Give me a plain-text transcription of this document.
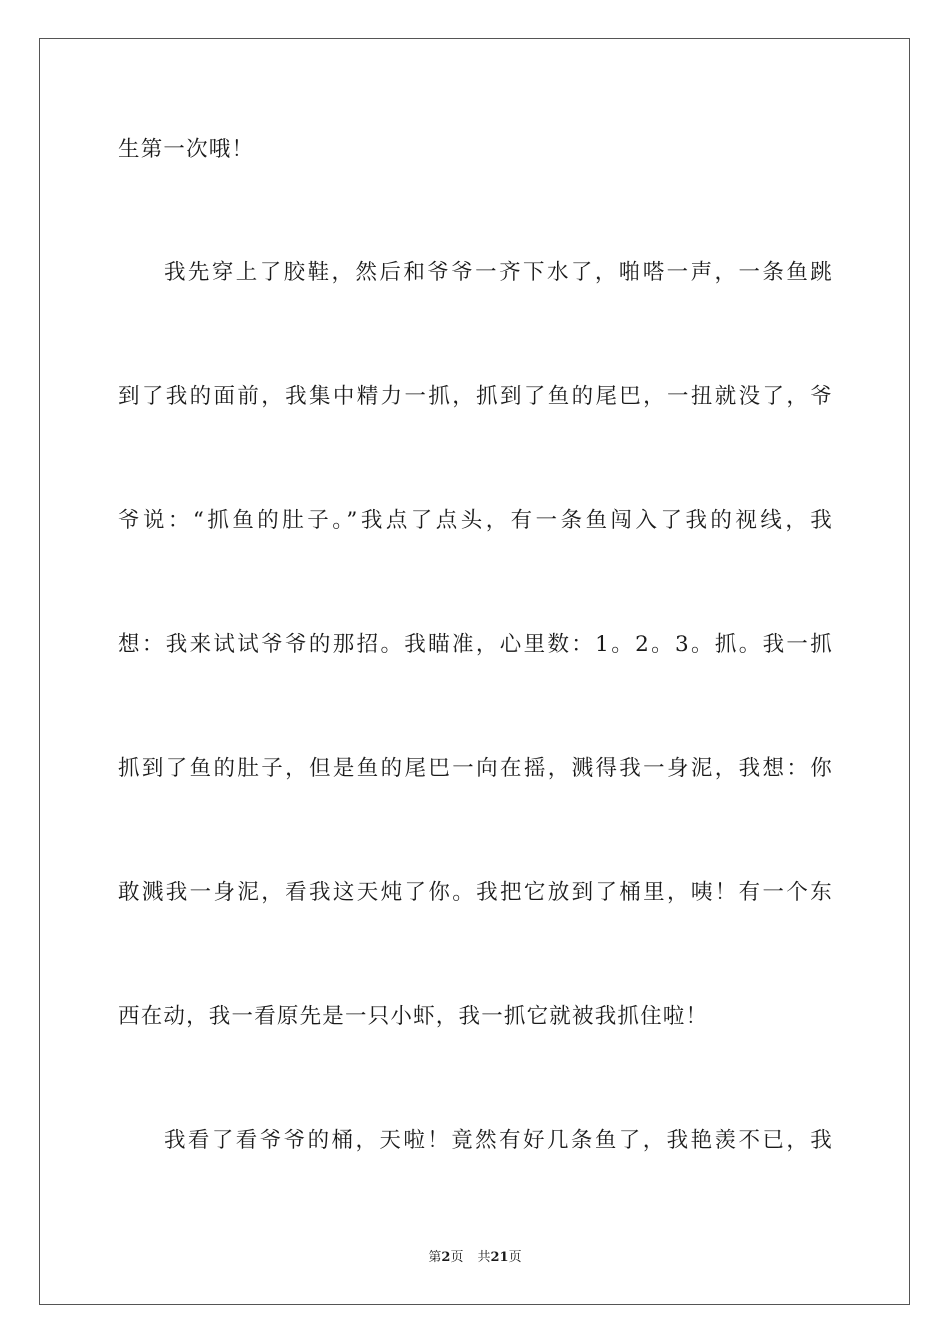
生第一次哦！
我先穿上了胶鞋，然后和爷爷一齐下水了，啪嗒一声，一条鱼跳
到了我的面前，我集中精力一抓，抓到了鱼的尾巴，一扭就没了，爷
爷说：“抓鱼的肚子。”我点了点头，有一条鱼闯入了我的视线，我
想：我来试试爷爷的那招。我瞄准，心里数：1。2。3。抓。我一抓
抓到了鱼的肚子，但是鱼的尾巴一向在摇，溅得我一身泥，我想：你
敢溅我一身泥，看我这天炖了你。我把它放到了桶里，咦！有一个东
西在动，我一看原先是一只小虾，我一抓它就被我抓住啦！
我看了看爷爷的桶，天啦！竟然有好几条鱼了，我艳羡不已，我
第2页 共21页
